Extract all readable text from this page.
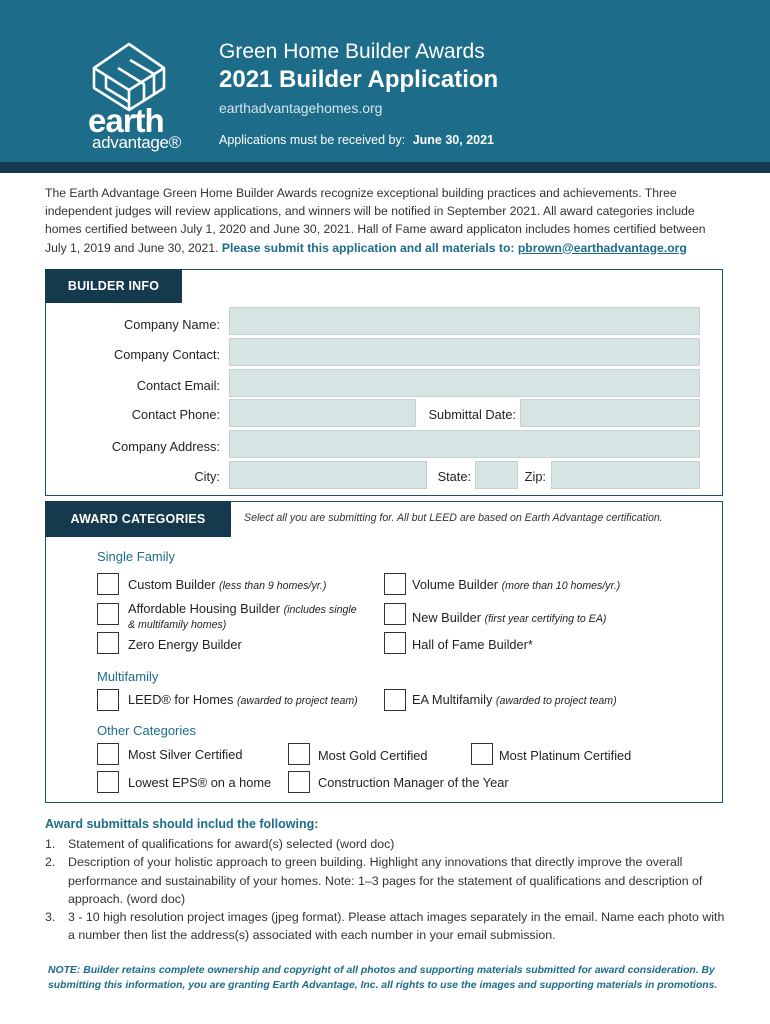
earth
advantage®
Green Home Builder Awards
2021 Builder Application
earthadvantagehomes.org
Applications must be received by: June 30, 2021
The Earth Advantage Green Home Builder Awards recognize exceptional building practices and achievements. Three independent judges will review applications, and winners will be notified in September 2021. All award categories include homes certified between July 1, 2020 and June 30, 2021. Hall of Fame award applicaton includes homes certified between July 1, 2019 and June 30, 2021. Please submit this application and all materials to: pbrown@earthadvantage.org
BUILDER INFO
Company Name:
Company Contact:
Contact Email:
Contact Phone:	Submittal Date:
Company Address:
City:	State:	Zip:
AWARD CATEGORIES	Select all you are submitting for. All but LEED are based on Earth Advantage certification.
Single Family
Custom Builder (less than 9 homes/yr.)	Volume Builder (more than 10 homes/yr.)
Affordable Housing Builder (includes single
& multifamily homes)	New Builder (first year certifying to EA)
Zero Energy Builder	Hall of Fame Builder*
Multifamily
LEED® for Homes (awarded to project team)	EA Multifamily (awarded to project team)
Other Categories
Most Silver Certified	Most Gold Certified	Most Platinum Certified
Lowest EPS® on a home	Construction Manager of the Year
Award submittals should includ the following:
1. Statement of qualifications for award(s) selected (word doc)
2. Description of your holistic approach to green building. Highlight any innovations that directly improve the overall performance and sustainability of your homes. Note: 1–3 pages for the statement of qualifications and description of approach. (word doc)
3. 3 - 10 high resolution project images (jpeg format). Please attach images separately in the email. Name each photo with a number then list the address(s) associated with each number in your email submission.
NOTE: Builder retains complete ownership and copyright of all photos and supporting materials submitted for award consideration. By submitting this information, you are granting Earth Advantage, Inc. all rights to use the images and supporting materials in promotions.
